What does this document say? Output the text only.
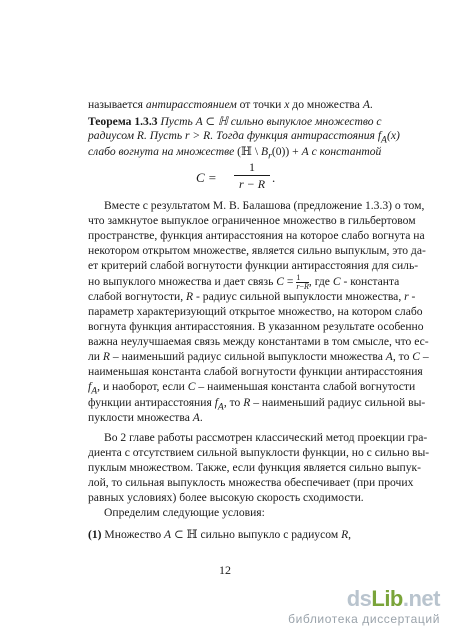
называется антирасстоянием от точки x до множества A.
Теорема 1.3.3 Пусть A ⊂ ℍ сильно выпуклое множество с
радиусом R. Пусть r > R. Тогда функция антирасстояния $f_A(x)$
слабо вогнута на множестве (ℍ \ $B_r(0)) + A$ с константой
C =
1
r − R .
Вместе с результатом М. В. Балашова (предложение 1.3.3) о том,
что замкнутое выпуклое ограниченное множество в гильбертовом
пространстве, функция антирасстояния на которое слабо вогнута на
некотором открытом множестве, является сильно выпуклым, это да-
ет критерий слабой вогнутости функции антирасстояния для силь-
но выпуклого множества и дает связь $C = \frac{1}{r-R}$ , где C - константа
слабой вогнутости, R - радиус сильной выпуклости множества, r -
параметр характеризующий открытое множество, на котором слабо
вогнута функция антирасстояния. В указанном результате особенно
важна неулучшаемая связь между константами в том смысле, что ес-
ли R – наименьший радиус сильной выпуклости множества A, то C –
наименьшая константа слабой вогнутости функции антирасстояния
$f_A$, и наоборот, если C – наименьшая константа слабой вогнутости
функции антирасстояния $f_A$, то R – наименьший радиус сильной вы-
пуклости множества A.
Во 2 главе работы рассмотрен классический метод проекции гра-
диента с отсутствием сильной выпуклости функции, но с сильно вы-
пуклым множеством. Также, если функция является сильно выпук-
лой, то сильная выпуклость множества обеспечивает (при прочих
равных условиях) более высокую скорость сходимости.
Определим следующие условия:
(1) Множество A ⊂ ℍ сильно выпукло с радиусом R,
12
dsLib.net
библиотека диссертаций
